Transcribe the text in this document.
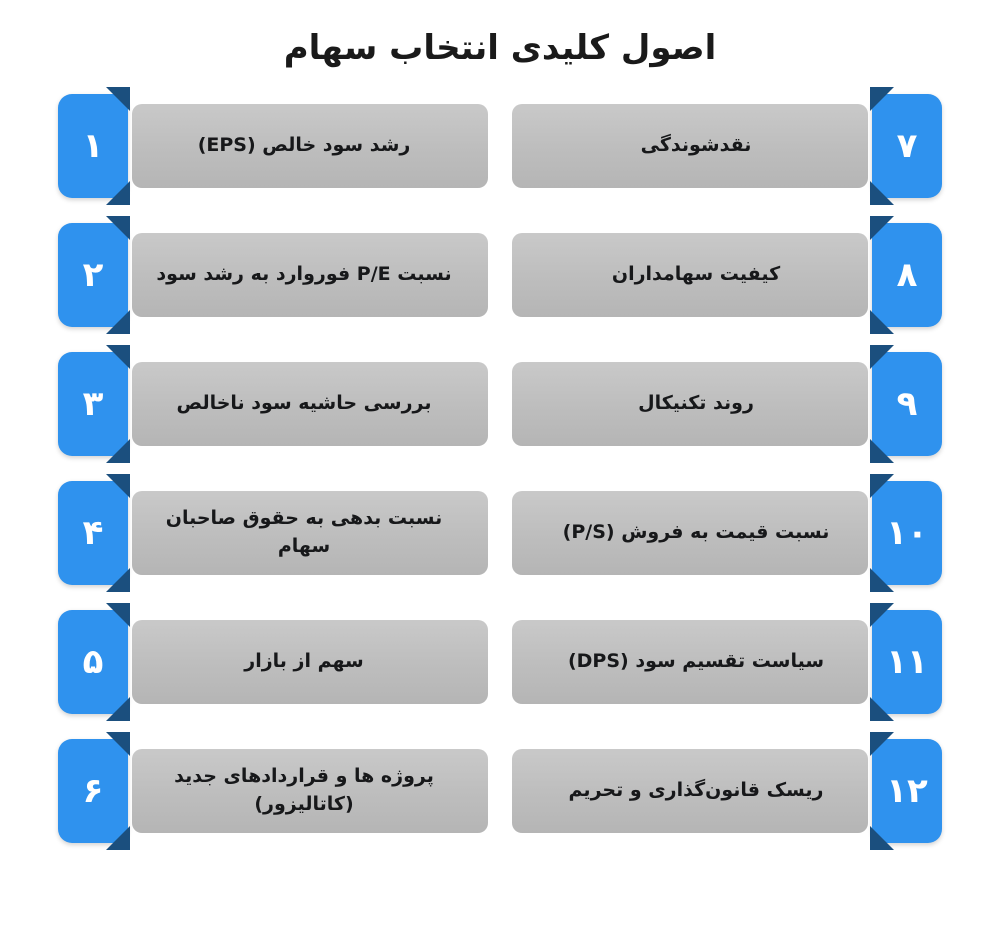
اصول کلیدی انتخاب سهام
۷
نقدشوندگی
۸
کیفیت سهامداران
۹
روند تکنیکال
۱۰
نسبت قیمت به فروش (P/S)
۱۱
سیاست تقسیم سود (DPS)
۱۲
ریسک قانون‌گذاری و تحریم
رشد سود خالص (EPS)
۱
نسبت P/E فوروارد به رشد سود
۲
بررسی حاشیه سود ناخالص
۳
نسبت بدهی به حقوق صاحبان سهام
۴
سهم از بازار
۵
پروژه ها و قراردادهای جدید (کاتالیزور)
۶
